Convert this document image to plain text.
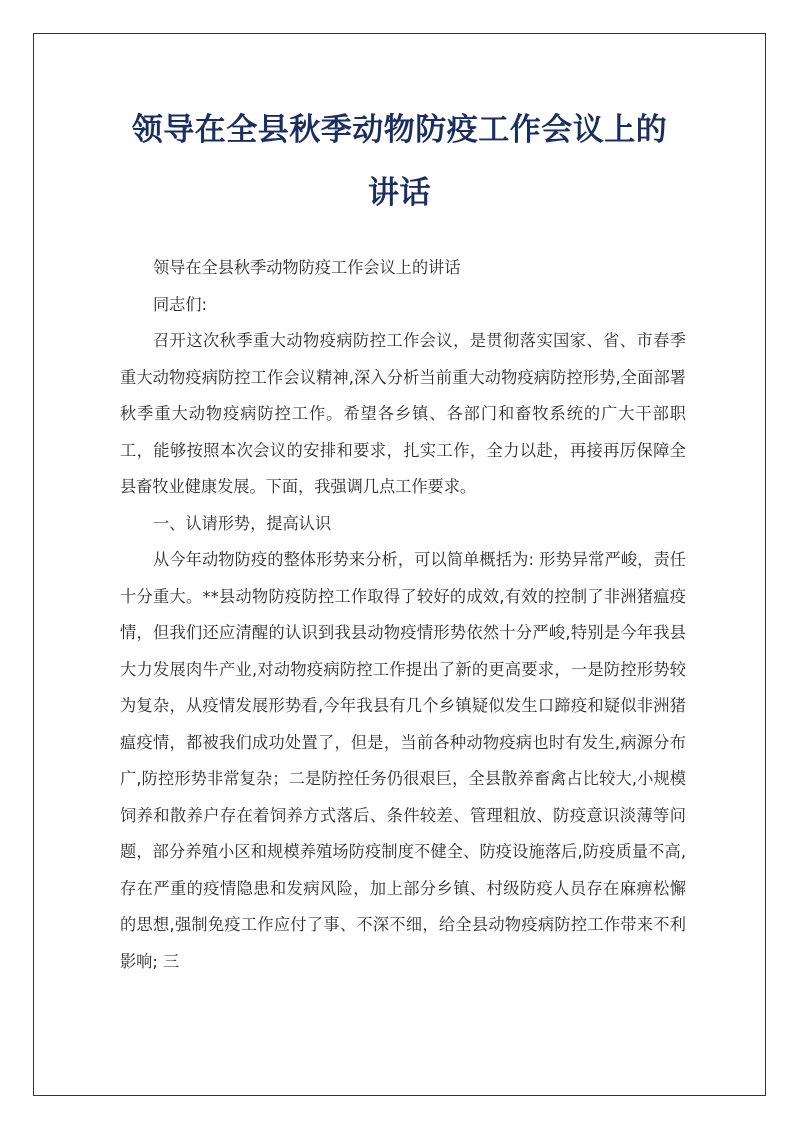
领导在全县秋季动物防疫工作会议上的
讲话

领导在全县秋季动物防疫工作会议上的讲话

同志们:

召开这次秋季重大动物疫病防控工作会议，是贯彻落实国家、省、市春季重大动物疫病防控工作会议精神,深入分析当前重大动物疫病防控形势,全面部署秋季重大动物疫病防控工作。希望各乡镇、各部门和畜牧系统的广大干部职工，能够按照本次会议的安排和要求，扎实工作，全力以赴，再接再厉保障全县畜牧业健康发展。下面，我强调几点工作要求。

一、认请形势，提高认识

从今年动物防疫的整体形势来分析，可以简单概括为: 形势异常严峻，责任十分重大。**县动物防疫防控工作取得了较好的成效,有效的控制了非洲猪瘟疫情，但我们还应清醒的认识到我县动物疫情形势依然十分严峻,特别是今年我县大力发展肉牛产业,对动物疫病防控工作提出了新的更高要求，一是防控形势较为复杂，从疫情发展形势看,今年我县有几个乡镇疑似发生口蹄疫和疑似非洲猪瘟疫情，都被我们成功处置了，但是，当前各种动物疫病也时有发生,病源分布广,防控形势非常复杂；二是防控任务仍很艰巨，全县散养畜禽占比较大,小规模饲养和散养户存在着饲养方式落后、条件较差、管理粗放、防疫意识淡薄等问题，部分养殖小区和规模养殖场防疫制度不健全、防疫设施落后,防疫质量不高,存在严重的疫情隐患和发病风险，加上部分乡镇、村级防疫人员存在麻痹松懈的思想,强制免疫工作应付了事、不深不细，给全县动物疫病防控工作带来不利影响; 三
